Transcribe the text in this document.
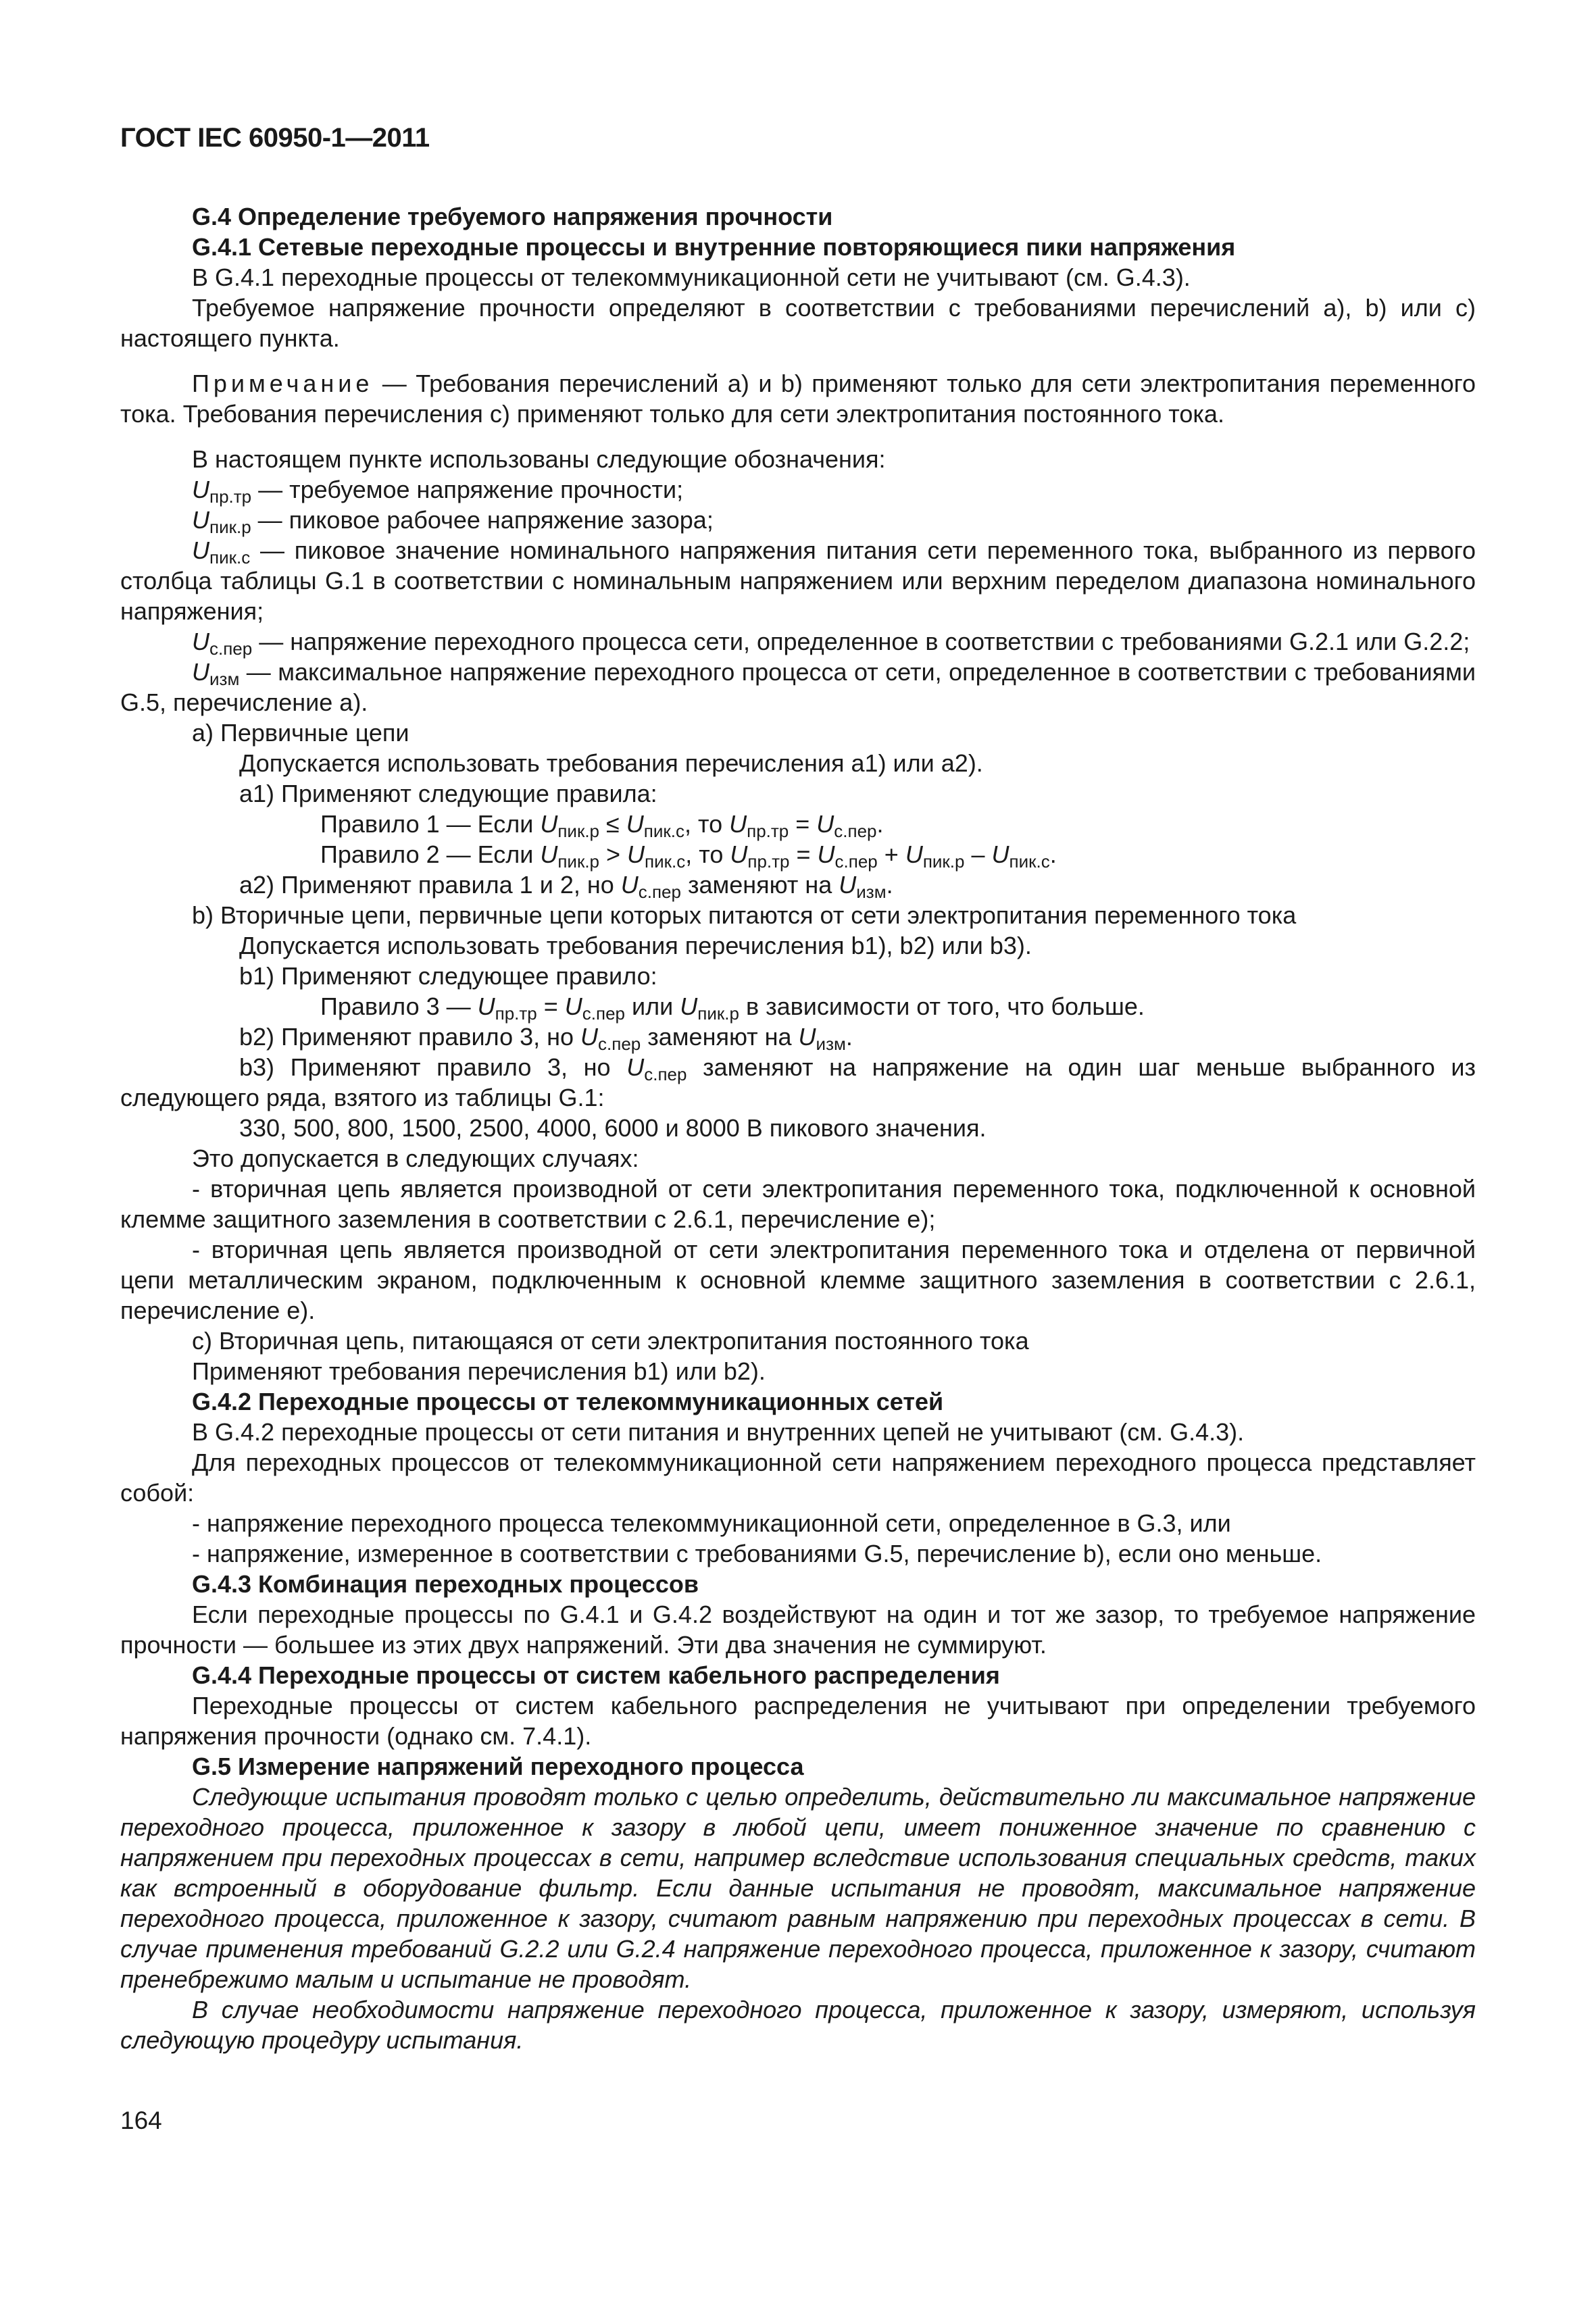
ГОСТ IEC 60950-1—2011

G.4 Определение требуемого напряжения прочности

G.4.1 Сетевые переходные процессы и внутренние повторяющиеся пики напряжения

В G.4.1 переходные процессы от телекоммуникационной сети не учитывают (см. G.4.3).

Требуемое напряжение прочности определяют в соответствии с требованиями перечислений а), b) или с) настоящего пункта.

Примечание — Требования перечислений а) и b) применяют только для сети электропитания переменного тока. Требования перечисления с) применяют только для сети электропитания постоянного тока.

В настоящем пункте использованы следующие обозначения:

$U_{пр.тр}$ — требуемое напряжение прочности;

$U_{пик.р}$ — пиковое рабочее напряжение зазора;

$U_{пик.с}$ — пиковое значение номинального напряжения питания сети переменного тока, выбранного из первого столбца таблицы G.1 в соответствии с номинальным напряжением или верхним переделом диапазона номинального напряжения;

$U_{с.пер}$ — напряжение переходного процесса сети, определенное в соответствии с требованиями G.2.1 или G.2.2;

$U_{изм}$ — максимальное напряжение переходного процесса от сети, определенное в соответствии с требованиями G.5, перечисление а).

а) Первичные цепи

Допускается использовать требования перечисления а1) или а2).

а1) Применяют следующие правила:

Правило 1 — Если $U_{пик.р} \le U_{пик.с}$, то $U_{пр.тр} = U_{с.пер}$.

Правило 2 — Если $U_{пик.р} > U_{пик.с}$, то $U_{пр.тр} = U_{с.пер} + U_{пик.р} - U_{пик.с}$.

а2) Применяют правила 1 и 2, но $U_{с.пер}$ заменяют на $U_{изм}$.

b) Вторичные цепи, первичные цепи которых питаются от сети электропитания переменного тока

Допускается использовать требования перечисления b1), b2) или b3).

b1) Применяют следующее правило:

Правило 3 — $U_{пр.тр} = U_{с.пер}$ или $U_{пик.р}$ в зависимости от того, что больше.

b2) Применяют правило 3, но $U_{с.пер}$ заменяют на $U_{изм}$.

b3) Применяют правило 3, но $U_{с.пер}$ заменяют на напряжение на один шаг меньше выбранного из следующего ряда, взятого из таблицы G.1:

330, 500, 800, 1500, 2500, 4000, 6000 и 8000 В пикового значения.

Это допускается в следующих случаях:

- вторичная цепь является производной от сети электропитания переменного тока, подключенной к основной клемме защитного заземления в соответствии с 2.6.1, перечисление е);

- вторичная цепь является производной от сети электропитания переменного тока и отделена от первичной цепи металлическим экраном, подключенным к основной клемме защитного заземления в соответствии с 2.6.1, перечисление е).

с) Вторичная цепь, питающаяся от сети электропитания постоянного тока

Применяют требования перечисления b1) или b2).

G.4.2 Переходные процессы от телекоммуникационных сетей

В G.4.2 переходные процессы от сети питания и внутренних цепей не учитывают (см. G.4.3).

Для переходных процессов от телекоммуникационной сети напряжением переходного процесса представляет собой:

- напряжение переходного процесса телекоммуникационной сети, определенное в G.3, или

- напряжение, измеренное в соответствии с требованиями G.5, перечисление b), если оно меньше.

G.4.3 Комбинация переходных процессов

Если переходные процессы по G.4.1 и G.4.2 воздействуют на один и тот же зазор, то требуемое напряжение прочности — большее из этих двух напряжений. Эти два значения не суммируют.

G.4.4 Переходные процессы от систем кабельного распределения

Переходные процессы от систем кабельного распределения не учитывают при определении требуемого напряжения прочности (однако см. 7.4.1).

G.5 Измерение напряжений переходного процесса

Следующие испытания проводят только с целью определить, действительно ли максимальное напряжение переходного процесса, приложенное к зазору в любой цепи, имеет пониженное значение по сравнению с напряжением при переходных процессах в сети, например вследствие использования специальных средств, таких как встроенный в оборудование фильтр. Если данные испытания не проводят, максимальное напряжение переходного процесса, приложенное к зазору, считают равным напряжению при переходных процессах в сети. В случае применения требований G.2.2 или G.2.4 напряжение переходного процесса, приложенное к зазору, считают пренебрежимо малым и испытание не проводят.

В случае необходимости напряжение переходного процесса, приложенное к зазору, измеряют, используя следующую процедуру испытания.

164
